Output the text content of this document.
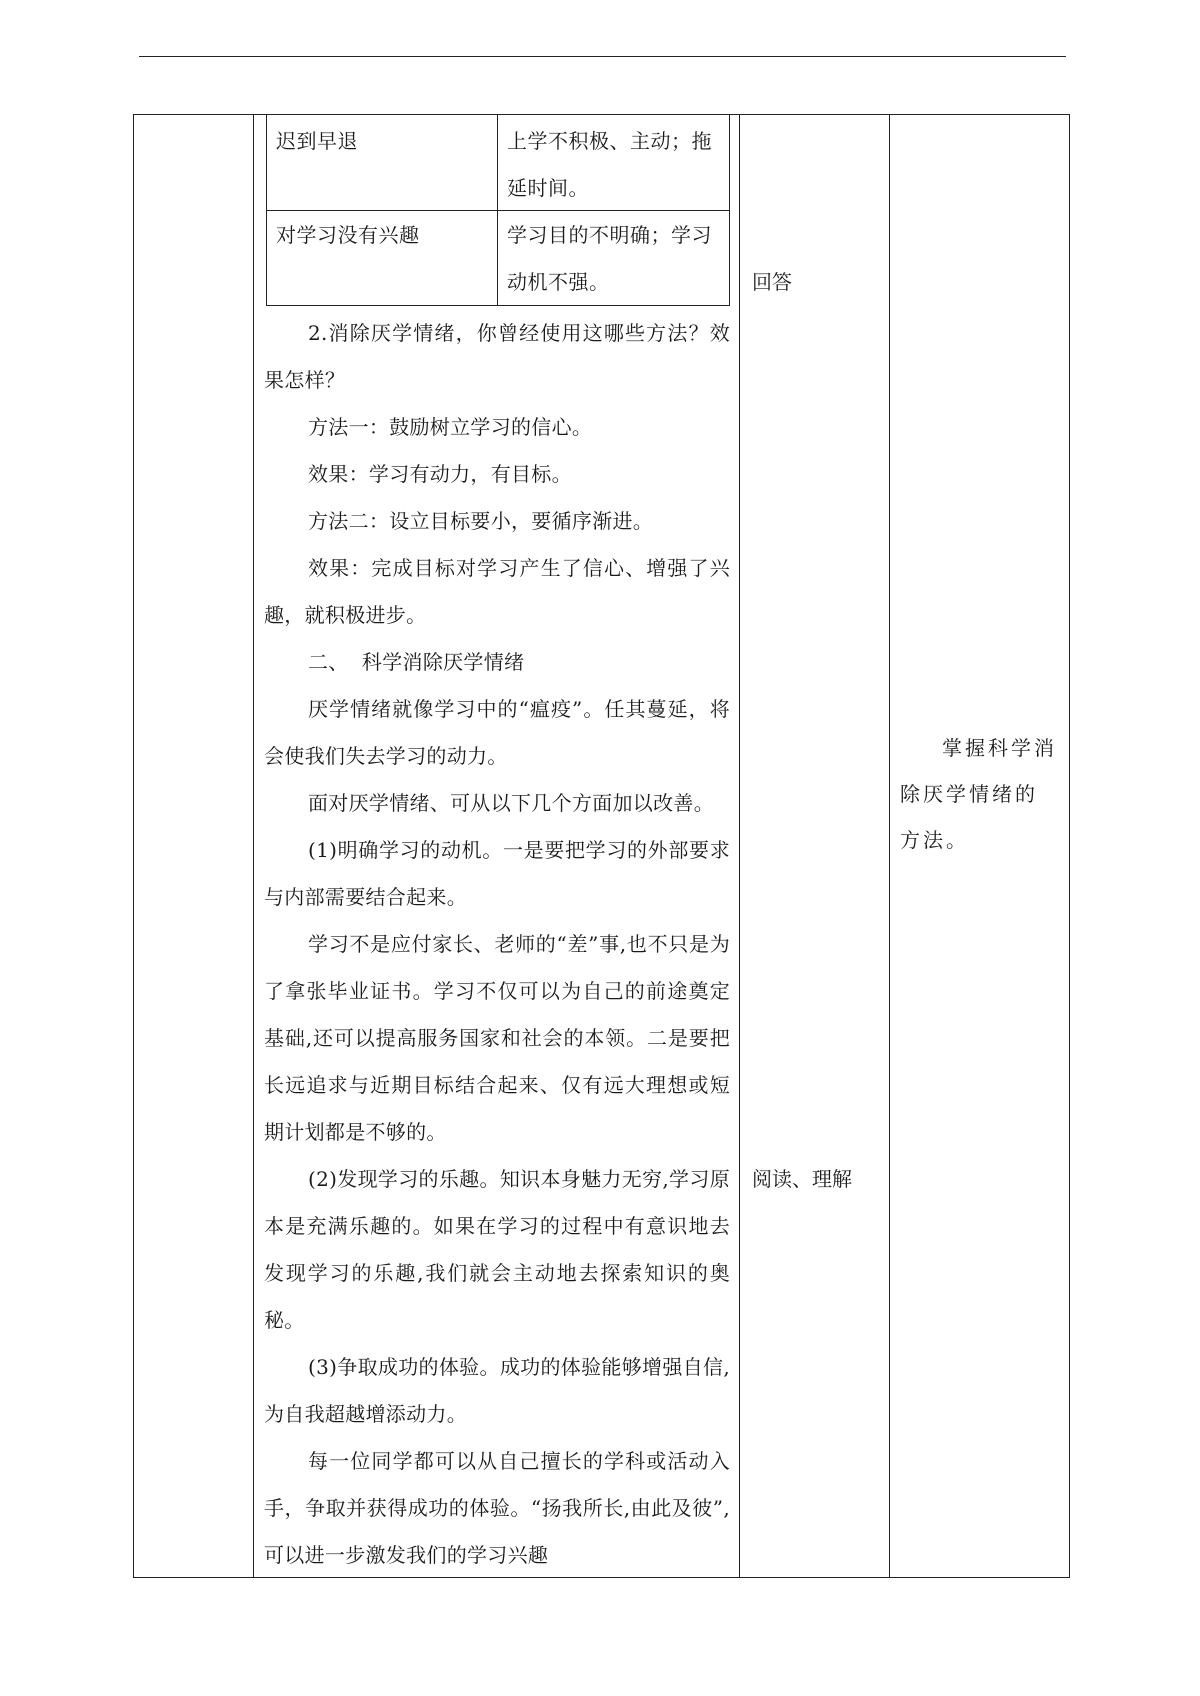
迟到早退	上学不积极、主动；拖延时间。
对学习没有兴趣	学习目的不明确；学习动机不强。

2.消除厌学情绪，你曾经使用这哪些方法？效果怎样？

方法一：鼓励树立学习的信心。

效果：学习有动力，有目标。

方法二：设立目标要小，要循序渐进。

效果：完成目标对学习产生了信心、增强了兴趣，就积极进步。

二、  科学消除厌学情绪

厌学情绪就像学习中的“瘟疫”。任其蔓延，将会使我们失去学习的动力。

面对厌学情绪、可从以下几个方面加以改善。

(1)明确学习的动机。一是要把学习的外部要求与内部需要结合起来。

学习不是应付家长、老师的“差”事,也不只是为了拿张毕业证书。学习不仅可以为自己的前途奠定基础,还可以提高服务国家和社会的本领。二是要把长远追求与近期目标结合起来、仅有远大理想或短期计划都是不够的。

(2)发现学习的乐趣。知识本身魅力无穷,学习原本是充满乐趣的。如果在学习的过程中有意识地去发现学习的乐趣,我们就会主动地去探索知识的奥秘。

(3)争取成功的体验。成功的体验能够增强自信,为自我超越增添动力。

每一位同学都可以从自己擅长的学科或活动入手，争取并获得成功的体验。“扬我所长,由此及彼”,可以进一步激发我们的学习兴趣

回答
阅读、理解
掌握科学消除厌学情绪的方法。
